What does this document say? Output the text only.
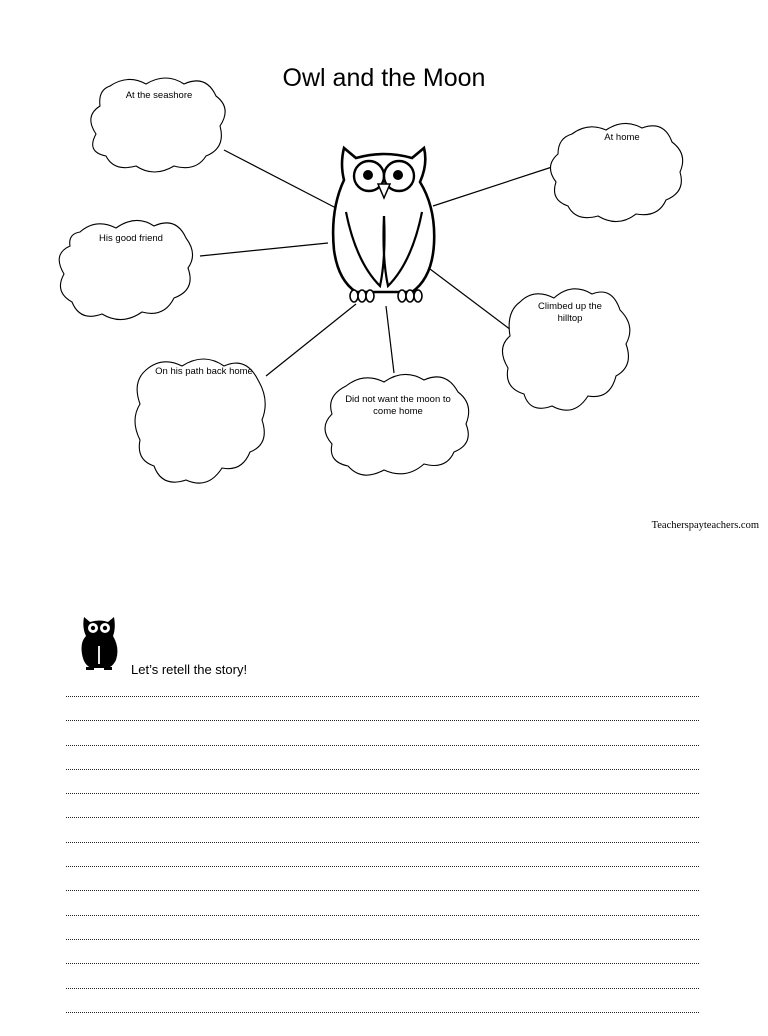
Owl and the Moon
At the seashore
His good friend
On his path back home
Did not want the moon to come home
Climbed up the hilltop
At home
Teacherspayteachers.com
Let’s retell the story!
